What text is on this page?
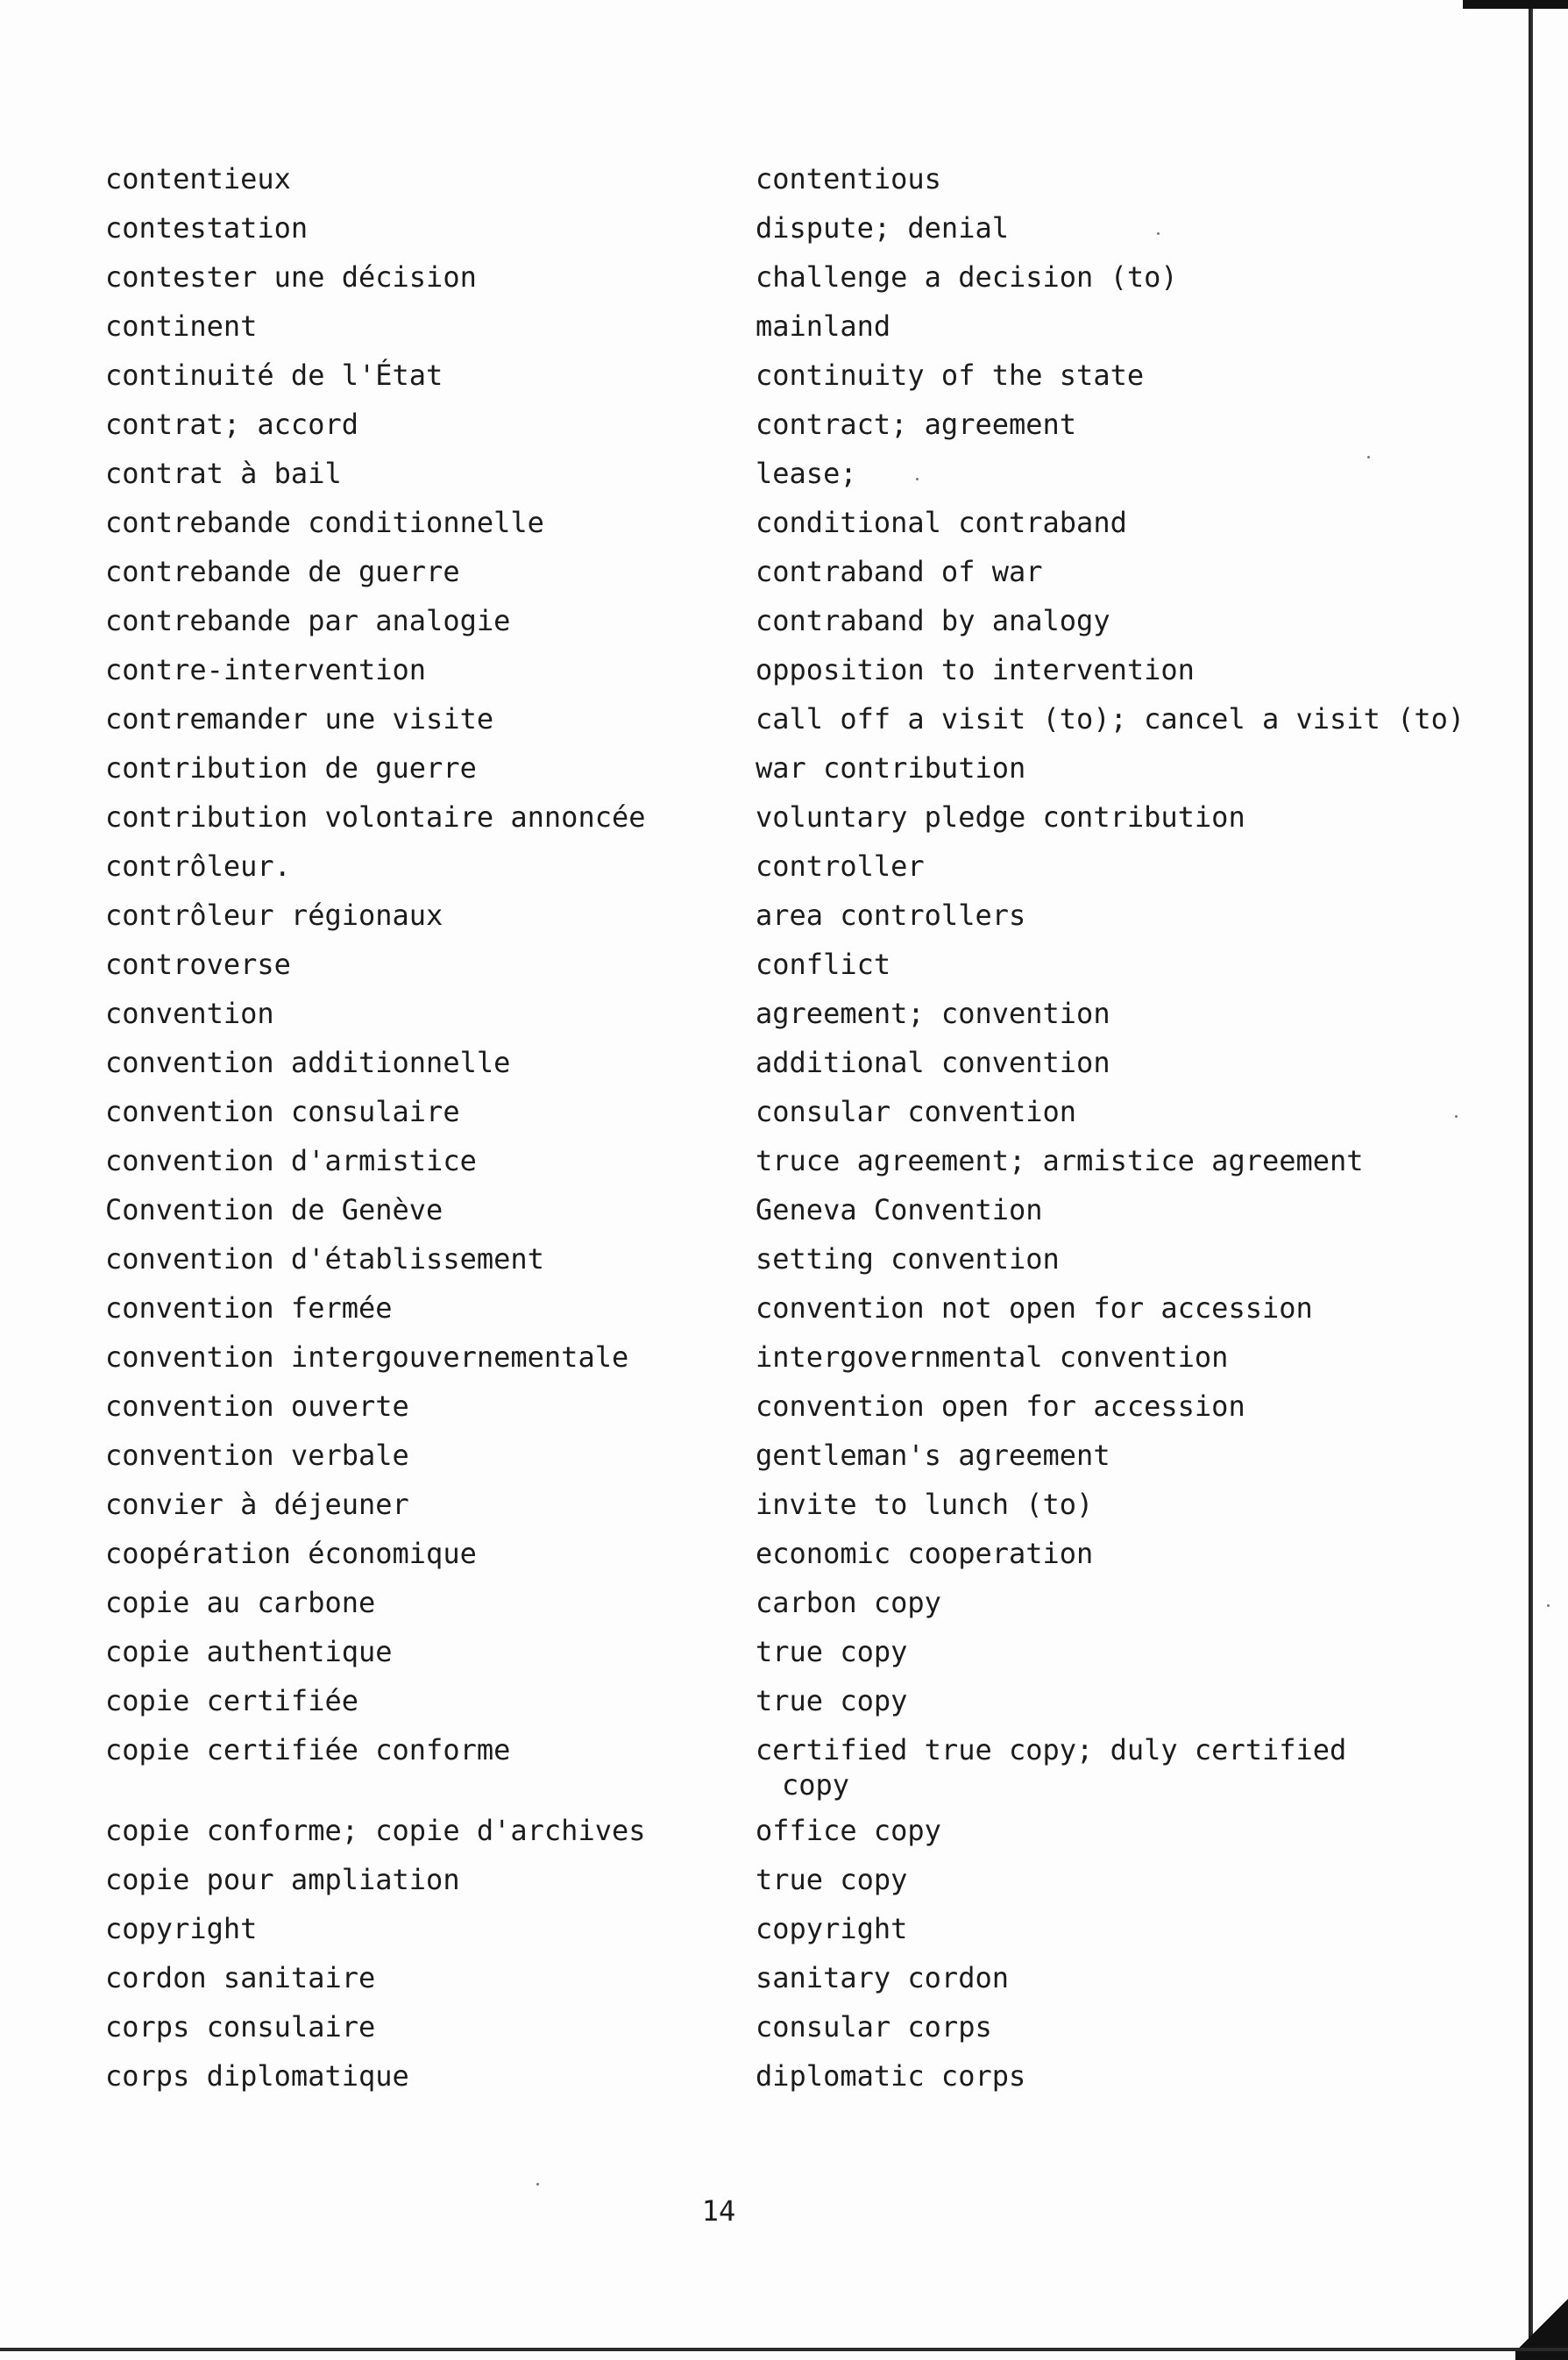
contentieux
contestation
contester une décision
continent
continuité de l'État
contrat; accord
contrat à bail
contrebande conditionnelle
contrebande de guerre
contrebande par analogie
contre-intervention
contremander une visite
contribution de guerre
contribution volontaire annoncée
contrôleur.
contrôleur régionaux
controverse
convention
convention additionnelle
convention consulaire
convention d'armistice
Convention de Genève
convention d'établissement
convention fermée
convention intergouvernementale
convention ouverte
convention verbale
convier à déjeuner
coopération économique
copie au carbone
copie authentique
copie certifiée
copie certifiée conforme
copie conforme; copie d'archives
copie pour ampliation
copyright
cordon sanitaire
corps consulaire
corps diplomatique
contentious
dispute; denial
challenge a decision (to)
mainland
continuity of the state
contract; agreement
lease;
conditional contraband
contraband of war
contraband by analogy
opposition to intervention
call off a visit (to); cancel a visit (to)
war contribution
voluntary pledge contribution
controller
area controllers
conflict
agreement; convention
additional convention
consular convention
truce agreement; armistice agreement
Geneva Convention
setting convention
convention not open for accession
intergovernmental convention
convention open for accession
gentleman's agreement
invite to lunch (to)
economic cooperation
carbon copy
true copy
true copy
certified true copy; duly certified
copy
office copy
true copy
copyright
sanitary cordon
consular corps
diplomatic corps
14
